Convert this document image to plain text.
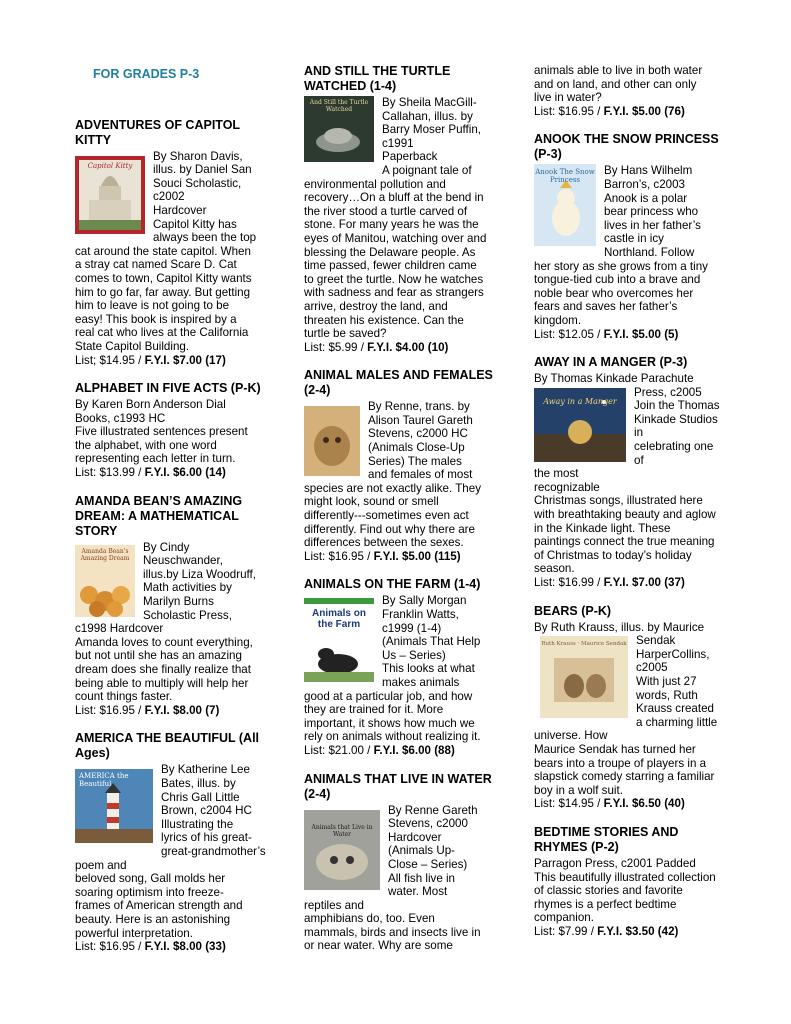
FOR GRADES P-3
ADVENTURES OF CAPITOL KITTY
Capitol Kitty

By Sharon Davis,

illus. by Daniel San

Souci Scholastic,

c2002

Hardcover

Capitol Kitty has

always been the top

cat around the state capitol. When

a stray cat named Scare D. Cat

comes to town, Capitol Kitty wants

him to go far, far away. But getting

him to leave is not going to be

easy! This book is inspired by a

real cat who lives at the California

State Capitol Building.

List; $14.95 / F.Y.I. $7.00 (17)

ALPHABET IN FIVE ACTS (P-K)

By Karen Born Anderson Dial

Books, c1993 HC

Five illustrated sentences present

the alphabet, with one word

representing each letter in turn.

List: $13.99 / F.Y.I. $6.00 (14)

AMANDA BEAN’S AMAZING DREAM: A MATHEMATICAL STORY
Amanda Bean's Amazing Dream

By Cindy

Neuschwander,

illus.by Liza Woodruff,

Math activities by

Marilyn Burns

Scholastic Press,

c1998 Hardcover

Amanda loves to count everything,

but not until she has an amazing

dream does she finally realize that

being able to multiply will help her

count things faster.

List: $16.95 / F.Y.I. $8.00 (7)

AMERICA THE BEAUTIFUL (All Ages)
AMERICA the Beautiful

By Katherine Lee

Bates, illus. by

Chris Gall Little

Brown, c2004 HC

Illustrating the

lyrics of his great-

great-grandmother’s poem and

beloved song, Gall molds her

soaring optimism into freeze-

frames of American strength and

beauty. Here is an astonishing

powerful interpretation.

List: $16.95 / F.Y.I. $8.00 (33)

AND STILL THE TURTLE WATCHED (1-4)
And Still the Turtle Watched

By Sheila MacGill-

Callahan, illus. by

Barry Moser Puffin,

c1991

Paperback

A poignant tale of

environmental pollution and

recovery…On a bluff at the bend in

the river stood a turtle carved of

stone. For many years he was the

eyes of Manitou, watching over and

blessing the Delaware people. As

time passed, fewer children came

to greet the turtle. Now he watches

with sadness and fear as strangers

arrive, destroy the land, and

threaten his existence. Can the

turtle be saved?

List: $5.99 / F.Y.I. $4.00 (10)

ANIMAL MALES AND FEMALES (2-4)

By Renne, trans. by

Alison Taurel Gareth

Stevens, c2000 HC

(Animals Close-Up

Series) The males

and females of most

species are not exactly alike. They

might look, sound or smell

differently---sometimes even act

differently. Find out why there are

differences between the sexes.

List: $16.95 / F.Y.I. $5.00 (115)

ANIMALS ON THE FARM (1-4)
Animals on the Farm

By Sally Morgan

Franklin Watts,

c1999 (1-4)

(Animals That Help

Us – Series)

This looks at what

makes animals

good at a particular job, and how

they are trained for it. More

important, it shows how much we

rely on animals without realizing it.

List: $21.00 / F.Y.I. $6.00 (88)

ANIMALS THAT LIVE IN WATER (2-4)
Animals that Live in Water

By Renne Gareth

Stevens, c2000

Hardcover

(Animals Up-

Close – Series)

All fish live in

water. Most

reptiles and

amphibians do, too. Even

mammals, birds and insects live in

or near water. Why are some

animals able to live in both water

and on land, and other can only

live in water?

List: $16.95 / F.Y.I. $5.00 (76)

ANOOK THE SNOW PRINCESS (P-3)
Anook The Snow Princess

By Hans Wilhelm

Barron’s, c2003

Anook is a polar

bear princess who

lives in her father’s

castle in icy

Northland. Follow

her story as she grows from a tiny

tongue-tied cub into a brave and

noble bear who overcomes her

fears and saves her father’s

kingdom.

List: $12.05 / F.Y.I. $5.00 (5)

AWAY IN A MANGER (P-3)

By Thomas Kinkade Parachute

Away in a Manger

Press, c2005

Join the Thomas

Kinkade Studios in

celebrating one of

the most

recognizable

Christmas songs, illustrated here

with breathtaking beauty and aglow

in the Kinkade light. These

paintings connect the true meaning

of Christmas to today’s holiday

season.

List: $16.99 / F.Y.I. $7.00 (37)

BEARS (P-K)

By Ruth Krauss, illus. by Maurice

Ruth Krauss · Maurice Sendak Sendak

HarperCollins,

c2005

With just 27

words, Ruth

Krauss created

a charming little universe. How

Maurice Sendak has turned her

bears into a troupe of players in a

slapstick comedy starring a familiar

boy in a wolf suit.

List: $14.95 / F.Y.I. $6.50 (40)

BEDTIME STORIES AND RHYMES (P-2)

Parragon Press, c2001 Padded

This beautifully illustrated collection

of classic stories and favorite

rhymes is a perfect bedtime

companion.

List: $7.99 / F.Y.I. $3.50 (42)
